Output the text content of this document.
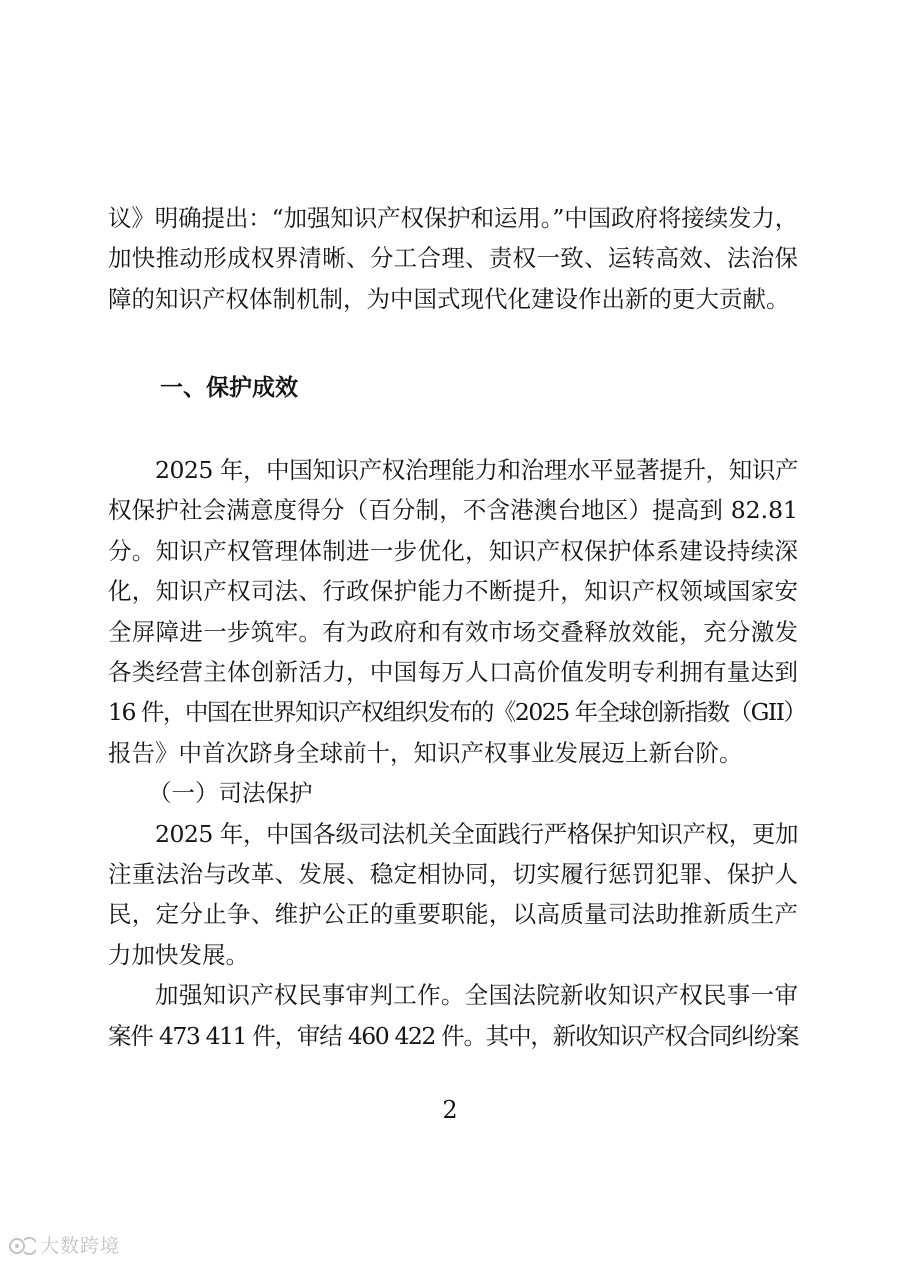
议》明确提出：“加强知识产权保护和运用。”中国政府将接续发力，
加快推动形成权界清晰、分工合理、责权一致、运转高效、法治保
障的知识产权体制机制，为中国式现代化建设作出新的更大贡献。
一、保护成效
2025 年，中国知识产权治理能力和治理水平显著提升，知识产
权保护社会满意度得分（百分制，不含港澳台地区）提高到 82.81
分。知识产权管理体制进一步优化，知识产权保护体系建设持续深
化，知识产权司法、行政保护能力不断提升，知识产权领域国家安
全屏障进一步筑牢。有为政府和有效市场交叠释放效能，充分激发
各类经营主体创新活力，中国每万人口高价值发明专利拥有量达到
16 件，中国在世界知识产权组织发布的《2025 年全球创新指数（GII）
报告》中首次跻身全球前十，知识产权事业发展迈上新台阶。
（一）司法保护
2025 年，中国各级司法机关全面践行严格保护知识产权，更加
注重法治与改革、发展、稳定相协同，切实履行惩罚犯罪、保护人
民，定分止争、维护公正的重要职能，以高质量司法助推新质生产
力加快发展。
加强知识产权民事审判工作。全国法院新收知识产权民事一审
案件 473 411 件，审结 460 422 件。其中，新收知识产权合同纠纷案
2
大数跨境
